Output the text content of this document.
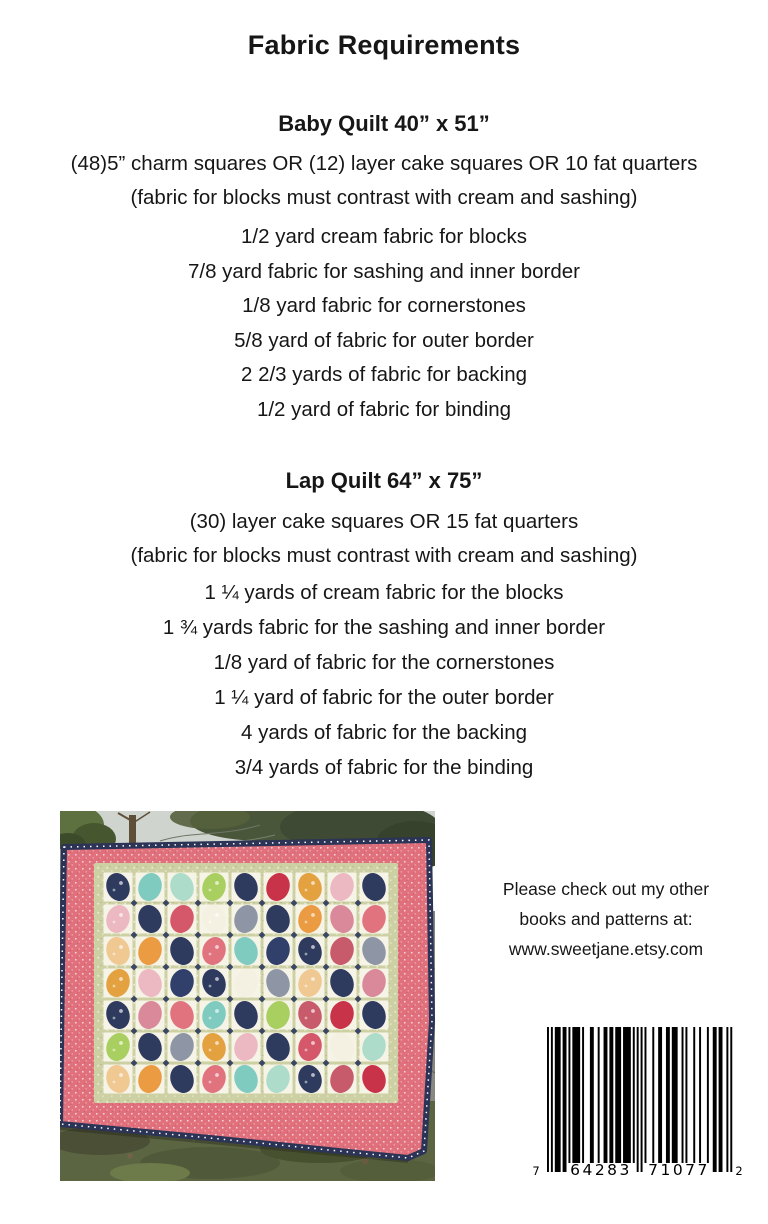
Fabric Requirements
Baby Quilt 40” x 51”
(48)5” charm squares OR (12) layer cake squares OR 10 fat quarters
(fabric for blocks must contrast with cream and sashing)
1/2 yard cream fabric for blocks
7/8 yard fabric for sashing and inner border
1/8 yard fabric for cornerstones
5/8 yard of fabric for outer border
2 2/3 yards of fabric for backing
1/2 yard of fabric for binding
Lap Quilt 64” x 75”
(30) layer cake squares OR 15 fat quarters
(fabric for blocks must contrast with cream and sashing)
1 ¼ yards of cream fabric for the blocks
1 ¾ yards fabric for the sashing and inner border
1/8 yard of fabric for the cornerstones
1 ¼ yard of fabric for the outer border
4 yards of fabric for the backing
3/4 yards of fabric for the binding
Please check out my other
books and patterns at:
www.sweetjane.etsy.com
7 64283 71077 2
